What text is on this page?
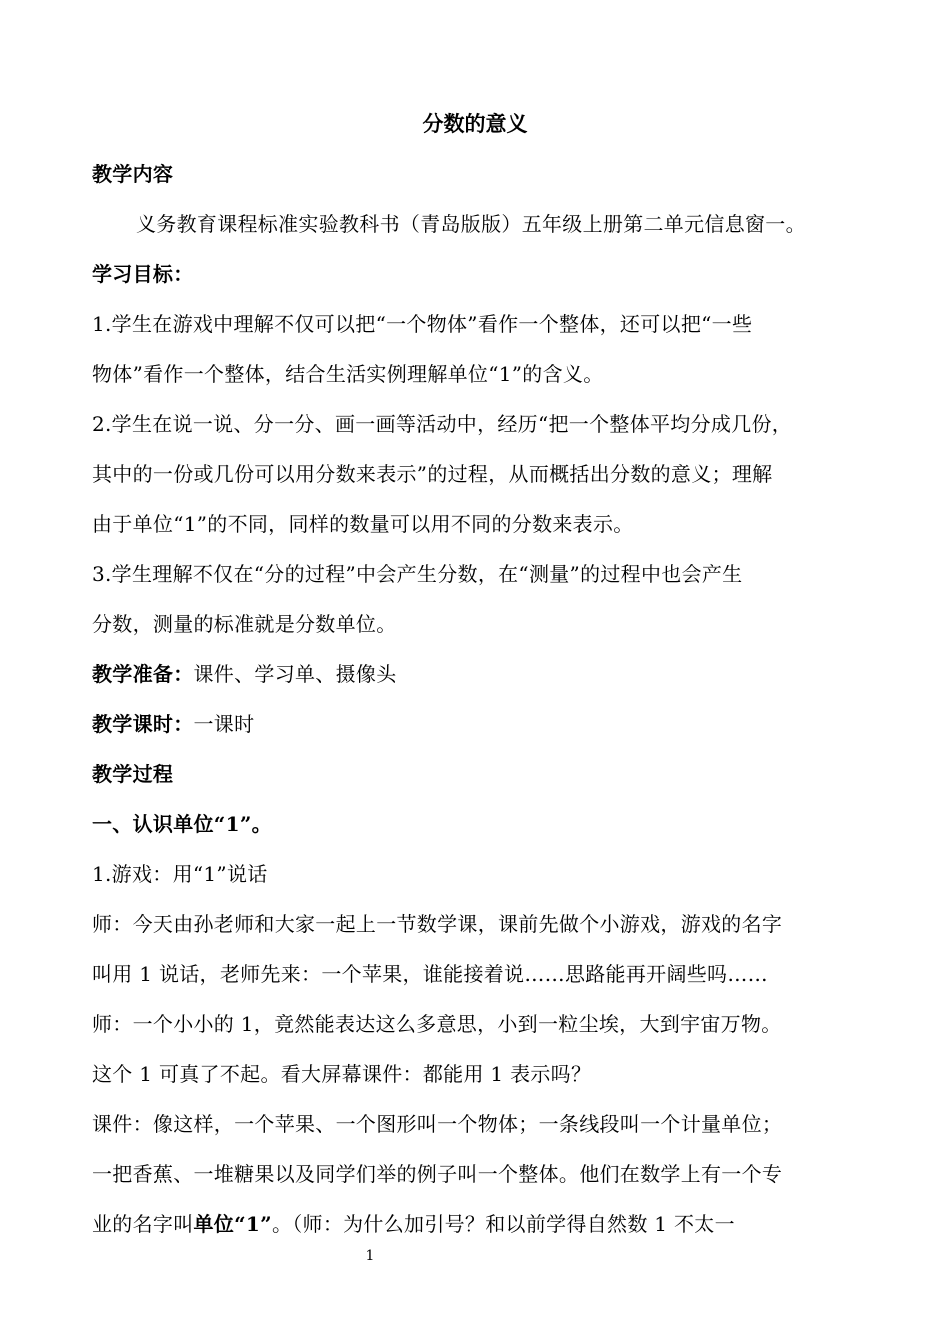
分数的意义
教学内容
义务教育课程标准实验教科书（青岛版版）五年级上册第二单元信息窗一。
学习目标：
1.学生在游戏中理解不仅可以把“一个物体”看作一个整体，还可以把“一些
物体”看作一个整体，结合生活实例理解单位“1”的含义。
2.学生在说一说、分一分、画一画等活动中，经历“把一个整体平均分成几份，
其中的一份或几份可以用分数来表示”的过程，从而概括出分数的意义；理解
由于单位“1”的不同，同样的数量可以用不同的分数来表示。
3.学生理解不仅在“分的过程”中会产生分数，在“测量”的过程中也会产生
分数，测量的标准就是分数单位。
教学准备：课件、学习单、摄像头
教学课时：一课时
教学过程
一、认识单位“1”。
1.游戏：用“1”说话
师：今天由孙老师和大家一起上一节数学课，课前先做个小游戏，游戏的名字
叫用 1 说话，老师先来：一个苹果，谁能接着说……思路能再开阔些吗……
师：一个小小的 1，竟然能表达这么多意思，小到一粒尘埃，大到宇宙万物。
这个 1 可真了不起。看大屏幕课件：都能用 1 表示吗？
课件：像这样，一个苹果、一个图形叫一个物体；一条线段叫一个计量单位；
一把香蕉、一堆糖果以及同学们举的例子叫一个整体。他们在数学上有一个专
业的名字叫单位“1”。（师：为什么加引号？和以前学得自然数 1 不太一
1
